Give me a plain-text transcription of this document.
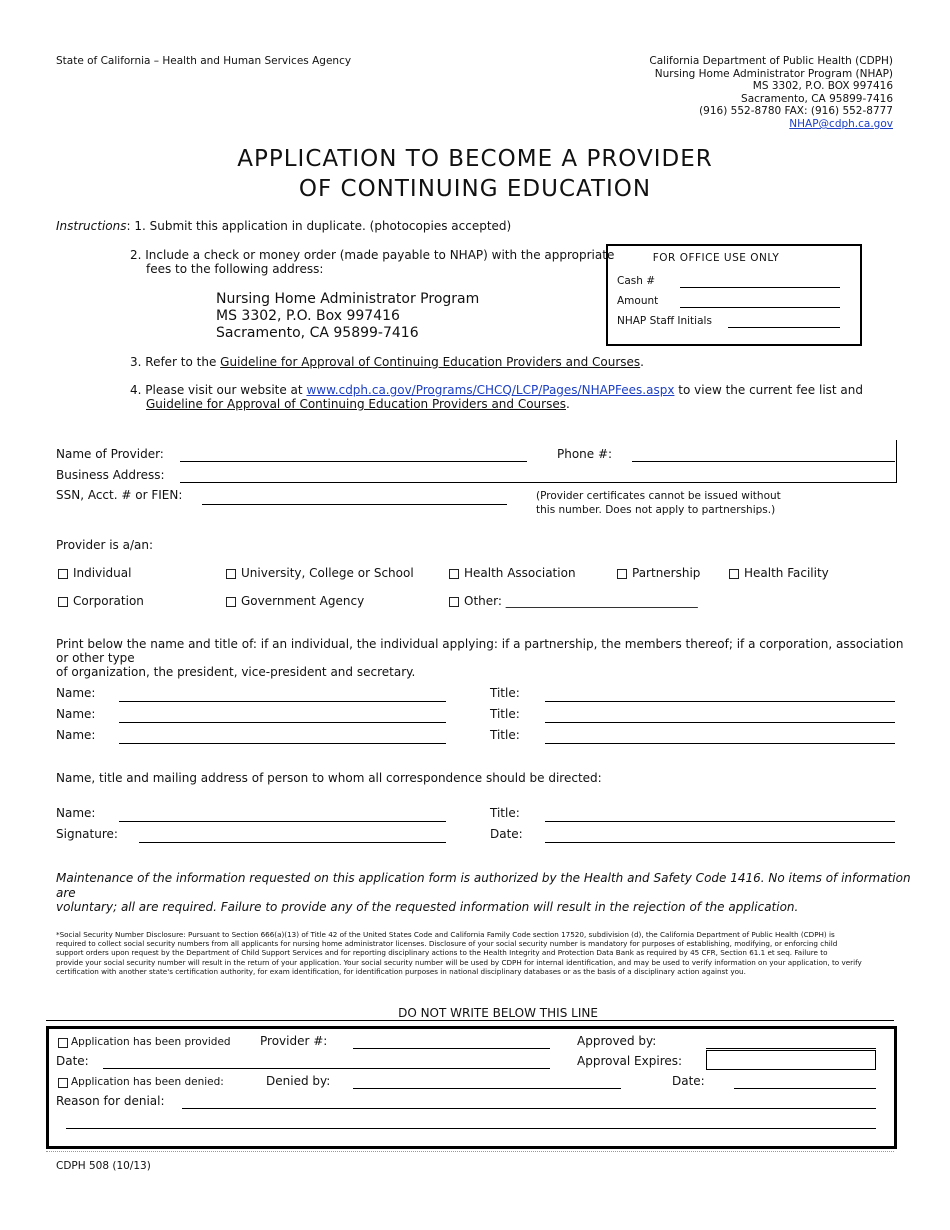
State of California – Health and Human Services Agency	California Department of Public Health (CDPH)
Nursing Home Administrator Program (NHAP)
MS 3302, P.O. BOX 997416
Sacramento, CA 95899-7416
(916) 552-8780 FAX: (916) 552-8777
NHAP@cdph.ca.gov
APPLICATION TO BECOME A PROVIDER
OF CONTINUING EDUCATION
Instructions: 1. Submit this application in duplicate. (photocopies accepted)
2. Include a check or money order (made payable to NHAP) with the appropriate
fees to the following address:
Nursing Home Administrator Program
MS 3302, P.O. Box 997416
Sacramento, CA 95899-7416
3. Refer to the Guideline for Approval of Continuing Education Providers and Courses.
4. Please visit our website at www.cdph.ca.gov/Programs/CHCQ/LCP/Pages/NHAPFees.aspx to view the current fee list and
Guideline for Approval of Continuing Education Providers and Courses.
FOR OFFICE USE ONLY
Cash #
Amount
NHAP Staff Initials
Name of Provider:	Phone #:
Business Address:
SSN, Acct. # or FIEN:	(Provider certificates cannot be issued without
this number. Does not apply to partnerships.)
Provider is a/an:
Individual	University, College or School	Health Association	Partnership	Health Facility
Corporation	Government Agency	Other: ________________________________
Print below the name and title of: if an individual, the individual applying: if a partnership, the members thereof; if a corporation, association or other type
of organization, the president, vice-president and secretary.
Name:	Title:
Name:	Title:
Name:	Title:
Name, title and mailing address of person to whom all correspondence should be directed:
Name:	Title:
Signature:	Date:
Maintenance of the information requested on this application form is authorized by the Health and Safety Code 1416. No items of information are
voluntary; all are required. Failure to provide any of the requested information will result in the rejection of the application.
*Social Security Number Disclosure: Pursuant to Section 666(a)(13) of Title 42 of the United States Code and California Family Code section 17520, subdivision (d), the California Department of Public Health (CDPH) is
required to collect social security numbers from all applicants for nursing home administrator licenses. Disclosure of your social security number is mandatory for purposes of establishing, modifying, or enforcing child
support orders upon request by the Department of Child Support Services and for reporting disciplinary actions to the Health Integrity and Protection Data Bank as required by 45 CFR, Section 61.1 et seq. Failure to
provide your social security number will result in the return of your application. Your social security number will be used by CDPH for internal identification, and may be used to verify information on your application, to verify
certification with another state's certification authority, for exam identification, for identification purposes in national disciplinary databases or as the basis of a disciplinary action against you.
DO NOT WRITE BELOW THIS LINE
Application has been provided Provider #:	Approved by:
Date:	Approval Expires:
Application has been denied:	Denied by:	Date:
Reason for denial:
CDPH 508 (10/13)
